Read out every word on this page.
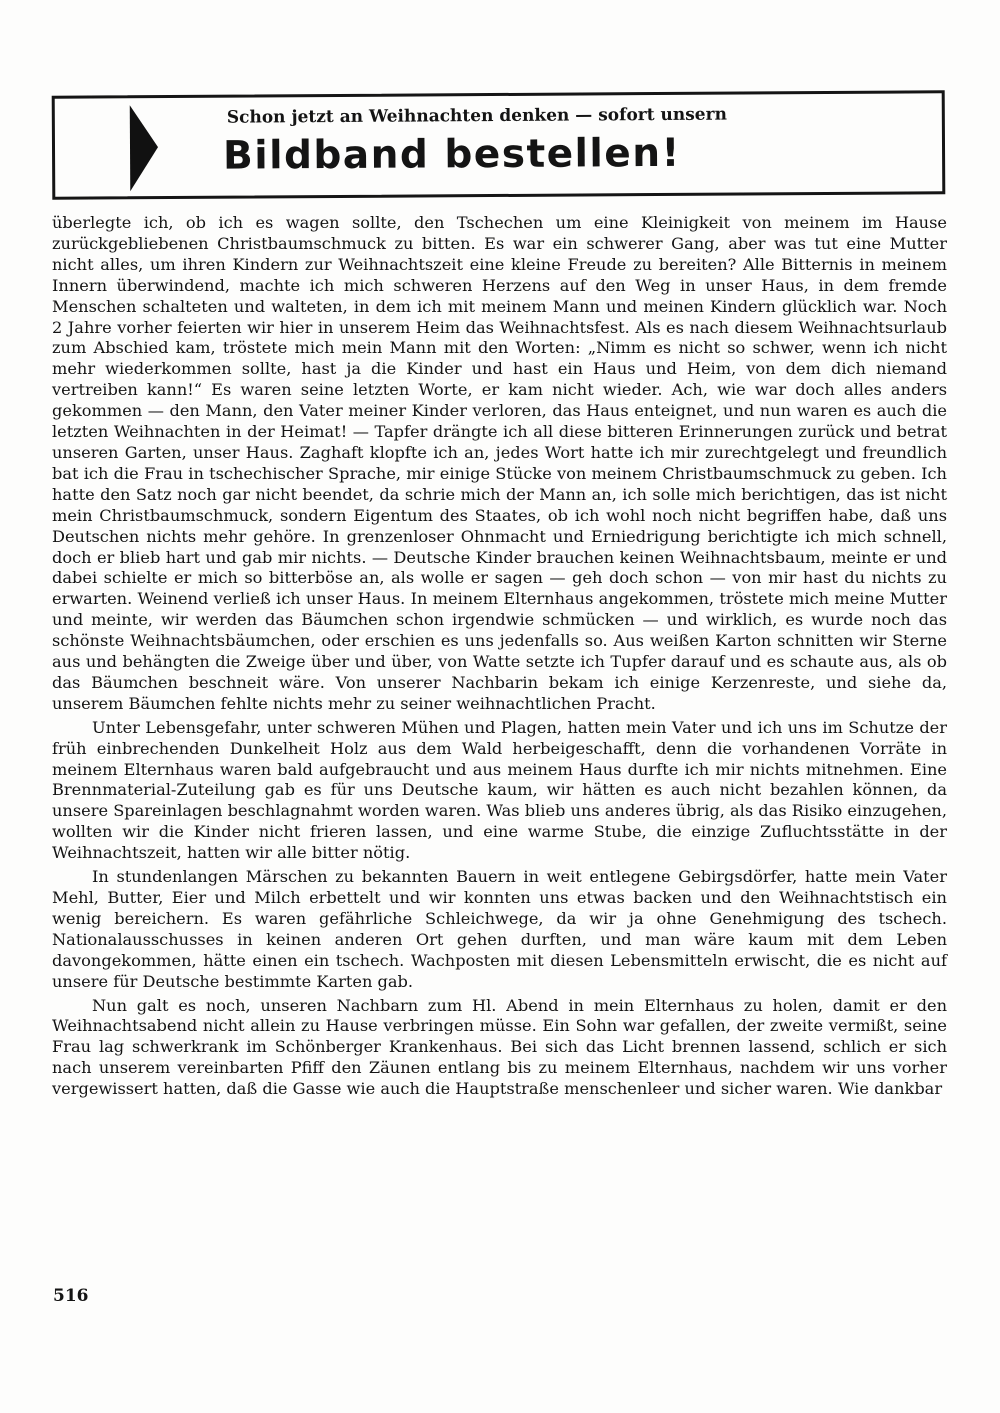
Schon jetzt an Weihnachten denken — sofort unsern
Bildband bestellen!

überlegte ich, ob ich es wagen sollte, den Tschechen um eine Kleinigkeit von meinem im Hause zurückgebliebenen Christbaumschmuck zu bitten. Es war ein schwerer Gang, aber was tut eine Mutter nicht alles, um ihren Kindern zur Weihnachtszeit eine kleine Freude zu bereiten? Alle Bitternis in meinem Innern überwindend, machte ich mich schweren Herzens auf den Weg in unser Haus, in dem fremde Menschen schalteten und walteten, in dem ich mit meinem Mann und meinen Kindern glücklich war. Noch 2 Jahre vorher feierten wir hier in unserem Heim das Weihnachtsfest. Als es nach diesem Weihnachtsurlaub zum Abschied kam, tröstete mich mein Mann mit den Worten: „Nimm es nicht so schwer, wenn ich nicht mehr wiederkommen sollte, hast ja die Kinder und hast ein Haus und Heim, von dem dich niemand vertreiben kann!“ Es waren seine letzten Worte, er kam nicht wieder. Ach, wie war doch alles anders gekommen — den Mann, den Vater meiner Kinder verloren, das Haus enteignet, und nun waren es auch die letzten Weihnachten in der Heimat! — Tapfer drängte ich all diese bitteren Erinnerungen zurück und betrat unseren Garten, unser Haus. Zaghaft klopfte ich an, jedes Wort hatte ich mir zurechtgelegt und freundlich bat ich die Frau in tschechischer Sprache, mir einige Stücke von meinem Christbaumschmuck zu geben. Ich hatte den Satz noch gar nicht beendet, da schrie mich der Mann an, ich solle mich berichtigen, das ist nicht mein Christbaumschmuck, sondern Eigentum des Staates, ob ich wohl noch nicht begriffen habe, daß uns Deutschen nichts mehr gehöre. In grenzenloser Ohnmacht und Erniedrigung berichtigte ich mich schnell, doch er blieb hart und gab mir nichts. — Deutsche Kinder brauchen keinen Weihnachtsbaum, meinte er und dabei schielte er mich so bitterböse an, als wolle er sagen — geh doch schon — von mir hast du nichts zu erwarten. Weinend verließ ich unser Haus. In meinem Elternhaus angekommen, tröstete mich meine Mutter und meinte, wir werden das Bäumchen schon irgendwie schmücken — und wirklich, es wurde noch das schönste Weihnachtsbäumchen, oder erschien es uns jedenfalls so. Aus weißen Karton schnitten wir Sterne aus und behängten die Zweige über und über, von Watte setzte ich Tupfer darauf und es schaute aus, als ob das Bäumchen beschneit wäre. Von unserer Nachbarin bekam ich einige Kerzenreste, und siehe da, unserem Bäumchen fehlte nichts mehr zu seiner weihnachtlichen Pracht.

Unter Lebensgefahr, unter schweren Mühen und Plagen, hatten mein Vater und ich uns im Schutze der früh einbrechenden Dunkelheit Holz aus dem Wald herbeigeschafft, denn die vorhandenen Vorräte in meinem Elternhaus waren bald aufgebraucht und aus meinem Haus durfte ich mir nichts mitnehmen. Eine Brennmaterial-Zuteilung gab es für uns Deutsche kaum, wir hätten es auch nicht bezahlen können, da unsere Spareinlagen beschlagnahmt worden waren. Was blieb uns anderes übrig, als das Risiko einzugehen, wollten wir die Kinder nicht frieren lassen, und eine warme Stube, die einzige Zufluchtsstätte in der Weihnachtszeit, hatten wir alle bitter nötig.

In stundenlangen Märschen zu bekannten Bauern in weit entlegene Gebirgsdörfer, hatte mein Vater Mehl, Butter, Eier und Milch erbettelt und wir konnten uns etwas backen und den Weihnachtstisch ein wenig bereichern. Es waren gefährliche Schleichwege, da wir ja ohne Genehmigung des tschech. Nationalausschusses in keinen anderen Ort gehen durften, und man wäre kaum mit dem Leben davongekommen, hätte einen ein tschech. Wachposten mit diesen Lebensmitteln erwischt, die es nicht auf unsere für Deutsche bestimmte Karten gab.

Nun galt es noch, unseren Nachbarn zum Hl. Abend in mein Elternhaus zu holen, damit er den Weihnachtsabend nicht allein zu Hause verbringen müsse. Ein Sohn war gefallen, der zweite vermißt, seine Frau lag schwerkrank im Schönberger Krankenhaus. Bei sich das Licht brennen lassend, schlich er sich nach unserem vereinbarten Pfiff den Zäunen entlang bis zu meinem Elternhaus, nachdem wir uns vorher vergewissert hatten, daß die Gasse wie auch die Hauptstraße menschenleer und sicher waren. Wie dankbar

516
